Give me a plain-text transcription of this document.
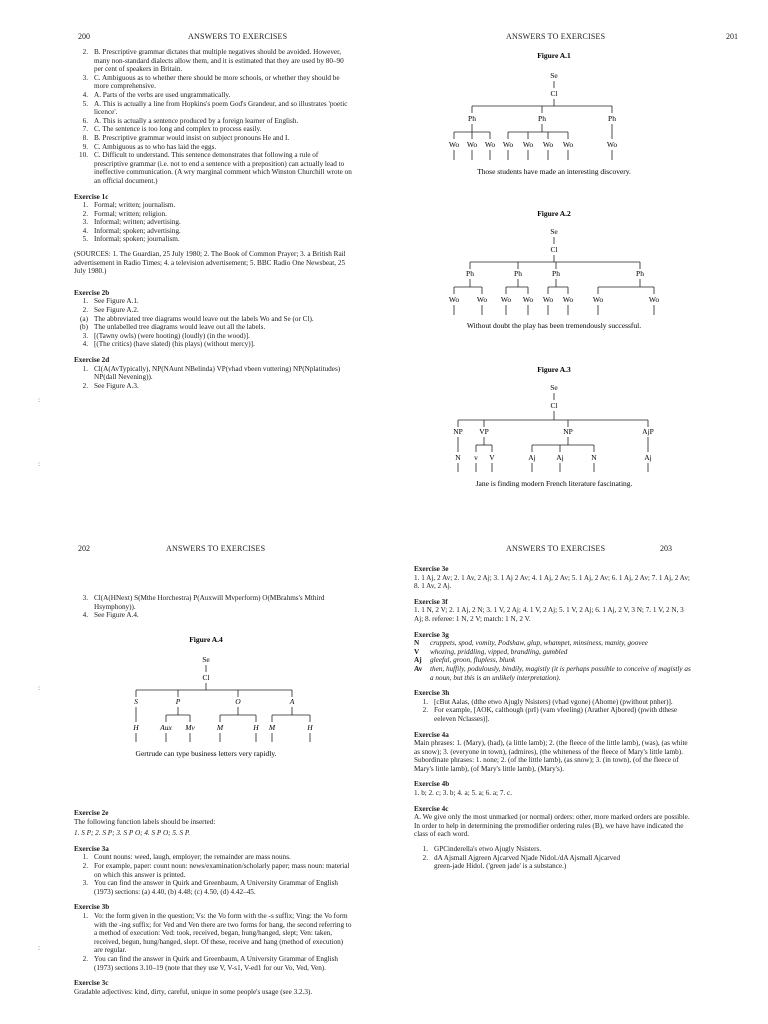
200	ANSWERS TO EXERCISES
2. B. Prescriptive grammar dictates that multiple negatives should be avoided. However, many non-standard dialects allow them, and it is estimated that they are used by 80–90 per cent of speakers in Britain.
3. C. Ambiguous as to whether there should be more schools, or whether they should be more comprehensive.
4. A. Parts of the verbs are used ungrammatically.
5. A. This is actually a line from Hopkins's poem God's Grandeur, and so illustrates 'poetic licence'.
6. A. This is actually a sentence produced by a foreign learner of English.
7. C. The sentence is too long and complex to process easily.
8. B. Prescriptive grammar would insist on subject pronouns He and I.
9. C. Ambiguous as to who has laid the eggs.
10. C. Difficult to understand. This sentence demonstrates that following a rule of prescriptive grammar (i.e. not to end a sentence with a preposition) can actually lead to ineffective communication. (A wry marginal comment which Winston Churchill wrote on an official document.)
Exercise 1c
1. Formal; written; journalism.
2. Formal; written; religion.
3. Informal; written; advertising.
4. Informal; spoken; advertising.
5. Informal; spoken; journalism.
(SOURCES: 1. The Guardian, 25 July 1980; 2. The Book of Common Prayer; 3. a British Rail advertisement in Radio Times; 4. a television advertisement; 5. BBC Radio One Newsbeat, 25 July 1980.)
Exercise 2b
1. See Figure A.1.
2. See Figure A.2.
(a) The abbreviated tree diagrams would leave out the labels Wo and Se (or Cl).
(b) The unlabelled tree diagrams would leave out all the labels.
3. [(Tawny owls) (were hooting) (loudly) (in the wood)].
4. [(The critics) (have slated) (his plays) (without mercy)].
Exercise 2d
1. Cl(A(AvTypically), NP(NAunt NBelinda) VP(vhad vbeen vuttering) NP(Nplatitudes) NP(dall Nevening)).
2. See Figure A.3.
:
:
ANSWERS TO EXERCISES	201
Figure A.1
Se
Cl
Ph	Ph	Ph
Wo Wo Wo Wo Wo Wo Wo	Wo
Those students have made an interesting discovery.
Figure A.2
Se
Cl
Ph	Ph	Ph	Ph
Wo Wo Wo Wo Wo Wo	Wo	Wo
Without doubt the play has been tremendously successful.
Figure A.3
Se
Cl
NP VP	NP	AjP
N v V	Aj	Aj	N	Aj
Jane is finding modern French literature fascinating.
202	ANSWERS TO EXERCISES
3. Cl(A(HNext) S(Mthe Horchestra) P(Auxwill Mvperform) O(MBrahms's Mthird Hsymphony)).
4. See Figure A.4.
Figure A.4
Se
Cl
S	P	O	A
H	Aux Mv	M	H M	H
Gertrude can type business letters very rapidly.
Exercise 2e
The following function labels should be inserted:
1. S P; 2. S P; 3. S P O; 4. S P O; 5. S P.
Exercise 3a
1. Count nouns: weed, laugh, employer; the remainder are mass nouns.
2. For example, paper: count noun: news/examination/scholarly paper; mass noun: material on which this answer is printed.
3. You can find the answer in Quirk and Greenbaum, A University Grammar of English (1973) sections: (a) 4.40, (b) 4.48; (c) 4.50, (d) 4.42–45.
Exercise 3b
1. Vo: the form given in the question; Vs: the Vo form with the -s suffix; Ving: the Vo form with the -ing suffix; for Ved and Ven there are two forms for hang, the second referring to a method of execution: Ved: took, received, began, hung/hanged, slept; Ven: taken, received, begun, hung/hanged, slept. Of these, receive and hang (method of execution) are regular.
2. You can find the answer in Quirk and Greenbaum, A University Grammar of English (1973) sections 3.10–19 (note that they use V, V-s1, V-ed1 for our Vo, Ved, Ven).
Exercise 3c
Gradable adjectives: kind, dirty, careful, unique in some people's usage (see 3.2.3).
:
:
ANSWERS TO EXERCISES	203
Exercise 3e
1. 1 Aj, 2 Av; 2. 1 Av, 2 Aj; 3. 1 Aj 2 Av; 4. 1 Aj, 2 Av; 5. 1 Aj, 2 Av; 6. 1 Aj, 2 Av; 7. 1 Aj, 2 Av; 8. 1 Av, 2 Aj.
Exercise 3f
1. 1 N, 2 V; 2. 1 Aj, 2 N; 3. 1 V, 2 Aj; 4. 1 V, 2 Aj; 5. 1 V, 2 Aj; 6. 1 Aj, 2 V, 3 N; 7. 1 V, 2 N, 3 Aj; 8. referee: 1 N, 2 V; match: 1 N, 2 V.
Exercise 3g
N	cruppets, spod, vomity, Podshaw, glup, whampet, minsiness, manity, goovee
V	whozing, priddling, vipped, brandling, gumbled
Aj	gleeful, groon, flupless, blunk
Av	then, huffily, podulously, bindily, magistly (it is perhaps possible to conceive of magistly as a noun, but this is an unlikely interpretation).
Exercise 3h
1. [cBut Aalas, (dthe etwo Ajugly Nsisters) (vhad vgone) (Ahome) (pwithout pnher)].
2. For example, [AOK, calthough (prI) (vam vfeeling) (Arather Ajbored) (pwith dthese eeleven Nclasses)].
Exercise 4a
Main phrases: 1. (Mary), (had), (a little lamb); 2. (the fleece of the little lamb), (was), (as white as snow); 3. (everyone in town), (admires), (the whiteness of the fleece of Mary's little lamb). Subordinate phrases: 1. none; 2. (of the little lamb), (as snow); 3. (in town), (of the fleece of Mary's little lamb), (of Mary's little lamb), (Mary's).
Exercise 4b
1. b; 2. c; 3. b; 4. a; 5. a; 6. a; 7. c.
Exercise 4c
A. We give only the most unmarked (or normal) orders: other, more marked orders are possible. In order to help in determining the premodifier ordering rules (B), we have have indicated the class of each word.
1. GPCinderella's etwo Ajugly Nsisters.
2. dA Ajsmall Ajgreen Ajcarved Njade Nidol./dA Ajsmall Ajcarved
green-jade Hidol. ('green jade' is a substance.)
